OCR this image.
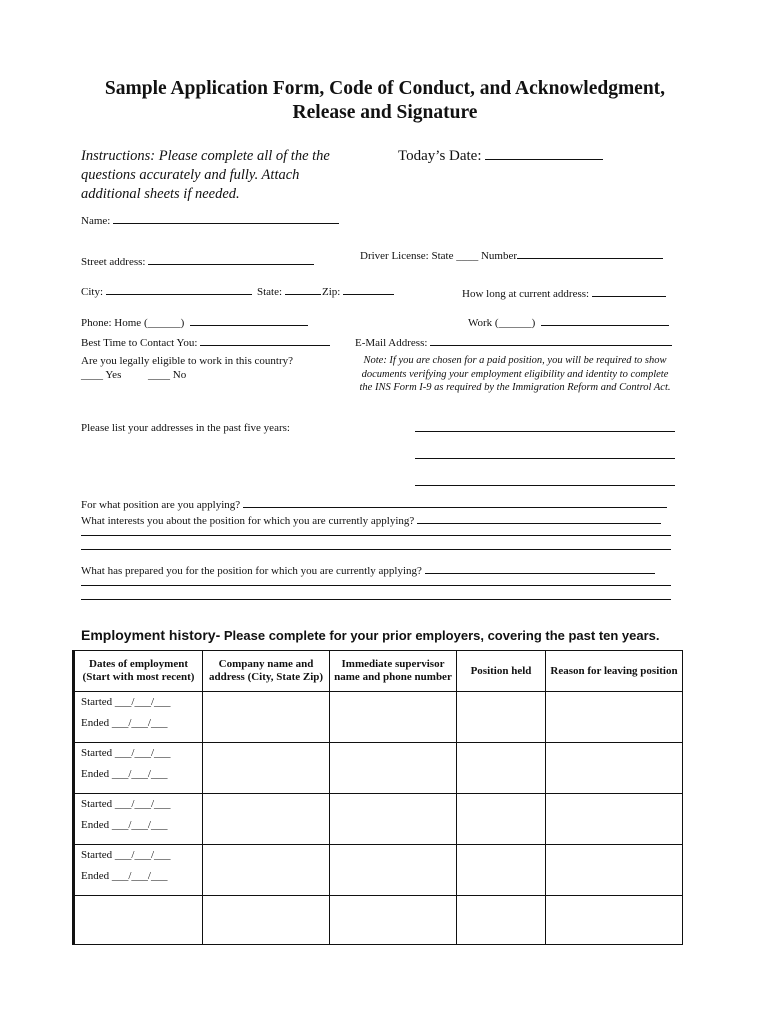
Sample Application Form, Code of Conduct, and Acknowledgment,
Release and Signature
Instructions: Please complete all of the the questions accurately and fully. Attach additional sheets if needed.
Today’s Date:
Name:
Street address:	Driver License: State ____ Number
City:	State:	Zip:	How long at current address:
Phone: Home (______)	Work (______)
Best Time to Contact You:	E-Mail Address:
Are you legally eligible to work in this country?
____ Yes ____ No
Note: If you are chosen for a paid position, you will be required to show documents verifying your employment eligibility and identity to complete the INS Form I-9 as required by the Immigration Reform and Control Act.
Please list your addresses in the past five years:
For what position are you applying?
What interests you about the position for which you are currently applying?
What has prepared you for the position for which you are currently applying?
Employment history- Please complete for your prior employers, covering the past ten years.
Dates of employment (Start with most recent)	Company name and address (City, State Zip)	Immediate supervisor name and phone number	Position held	Reason for leaving position

Started ___/___/___
Ended ___/___/___				

Started ___/___/___
Ended ___/___/___				

Started ___/___/___
Ended ___/___/___				

Started ___/___/___
Ended ___/___/___				
